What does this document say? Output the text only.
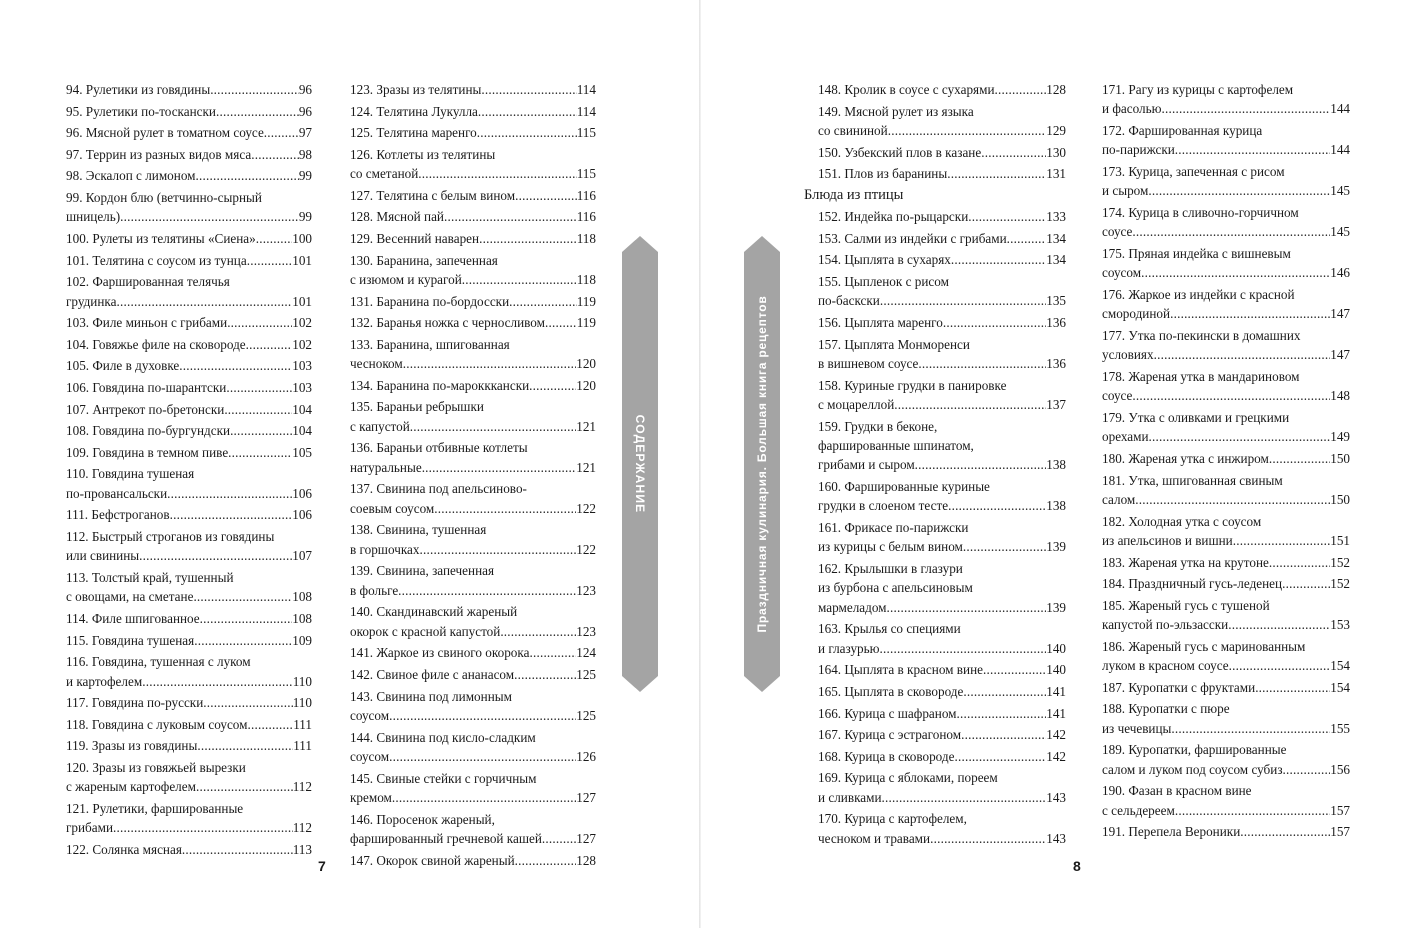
94. Рулетики из говядины .....	96
95. Рулетики по-тоскански .....	96
96. Мясной рулет в томатном соусе .....	97
97. Террин из разных видов мяса .....	98
98. Эскалоп с лимоном .....	99
99. Кордон блю (ветчинно-сырный
шницель) .....	99
100. Рулеты из телятины «Сиена» .....	100
101. Телятина с соусом из тунца .....	101
102. Фаршированная телячья
грудинка .....	101
103. Филе миньон с грибами .....	102
104. Говяжье филе на сковороде .....	102
105. Филе в духовке .....	103
106. Говядина по-шарантски .....	103
107. Антрекот по-бретонски .....	104
108. Говядина по-бургундски .....	104
109. Говядина в темном пиве .....	105
110. Говядина тушеная
по-провансальски .....	106
111. Бефстроганов .....	106
112. Быстрый строганов из говядины
или свинины .....	107
113. Толстый край, тушенный
с овощами, на сметане .....	108
114. Филе шпигованное .....	108
115. Говядина тушеная .....	109
116. Говядина, тушенная с луком
и картофелем .....	110
117. Говядина по-русски .....	110
118. Говядина с луковым соусом .....	111
119. Зразы из говядины .....	111
120. Зразы из говяжьей вырезки
с жареным картофелем .....	112
121. Рулетики, фаршированные
грибами .....	112
122. Солянка мясная .....	113
123. Зразы из телятины .....	114
124. Телятина Лукулла .....	114
125. Телятина маренго .....	115
126. Котлеты из телятины
со сметаной .....	115
127. Телятина с белым вином .....	116
128. Мясной пай .....	116
129. Весенний наварен .....	118
130. Баранина, запеченная
с изюмом и курагой .....	118
131. Баранина по-бордосски .....	119
132. Баранья ножка с черносливом ..... 119
133. Баранина, шпигованная
чесноком .....	120
134. Баранина по-марокккански .....	120
135. Бараньи ребрышки
с капустой .....	121
136. Бараньи отбивные котлеты
натуральные .....	121
137. Свинина под апельсиново-
соевым соусом .....	122
138. Свинина, тушенная
в горшочках .....	122
139. Свинина, запеченная
в фольге .....	123
140. Скандинавский жареный
окорок с красной капустой .....	123
141. Жаркое из свиного окорока .....	124
142. Свиное филе с ананасом .....	125
143. Свинина под лимонным
соусом .....	125
144. Свинина под кисло-сладким
соусом .....	126
145. Свиные стейки с горчичным
кремом .....	127
146. Поросенок жареный,
фаршированный гречневой кашей .....	127
147. Окорок свиной жареный .....	128
СОДЕРЖАНИЕ
7
Праздничная кулинария. Большая книга рецептов
148. Кролик в соусе с сухарями .....	128
149. Мясной рулет из языка
со свининой .....	129
150. Узбекский плов в казане .....	130
151. Плов из баранины .....	131
Блюда из птицы
152. Индейка по-рыцарски .....	133
153. Салми из индейки с грибами .....	134
154. Цыплята в сухарях .....	134
155. Цыпленок с рисом
по-баскски .....	135
156. Цыплята маренго .....	136
157. Цыплята Монморенси
в вишневом соусе .....	136
158. Куриные грудки в панировке
с моцареллой .....	137
159. Грудки в беконе,
фаршированные шпинатом,
грибами и сыром .....	138
160. Фаршированные куриные
грудки в слоеном тесте .....	138
161. Фрикасе по-парижски
из курицы с белым вином .....	139
162. Крылышки в глазури
из бурбона с апельсиновым
мармеладом .....	139
163. Крылья со специями
и глазурью .....	140
164. Цыплята в красном вине .....	140
165. Цыплята в сковороде .....	141
166. Курица с шафраном .....	141
167. Курица с эстрагоном .....	142
168. Курица в сковороде .....	142
169. Курица с яблоками, пореем
и сливками .....	143
170. Курица с картофелем,
чесноком и травами .....	143
171. Рагу из курицы с картофелем
и фасолью .....	144
172. Фаршированная курица
по-парижски .....	144
173. Курица, запеченная с рисом
и сыром .....	145
174. Курица в сливочно-горчичном
соусе .....	145
175. Пряная индейка с вишневым
соусом .....	146
176. Жаркое из индейки с красной
смородиной .....	147
177. Утка по-пекински в домашних
условиях .....	147
178. Жареная утка в мандариновом
соусе .....	148
179. Утка с оливками и грецкими
орехами .....	149
180. Жареная утка с инжиром .....	150
181. Утка, шпигованная свиным
салом .....	150
182. Холодная утка с соусом
из апельсинов и вишни .....	151
183. Жареная утка на крутоне .....	152
184. Праздничный гусь-леденец .....	152
185. Жареный гусь с тушеной
капустой по-эльзасски .....	153
186. Жареный гусь с маринованным
луком в красном соусе .....	154
187. Куропатки с фруктами .....	154
188. Куропатки с пюре
из чечевицы .....	155
189. Куропатки, фаршированные
салом и луком под соусом субиз .....	156
190. Фазан в красном вине
с сельдереем .....	157
191. Перепела Вероники .....	157
8
